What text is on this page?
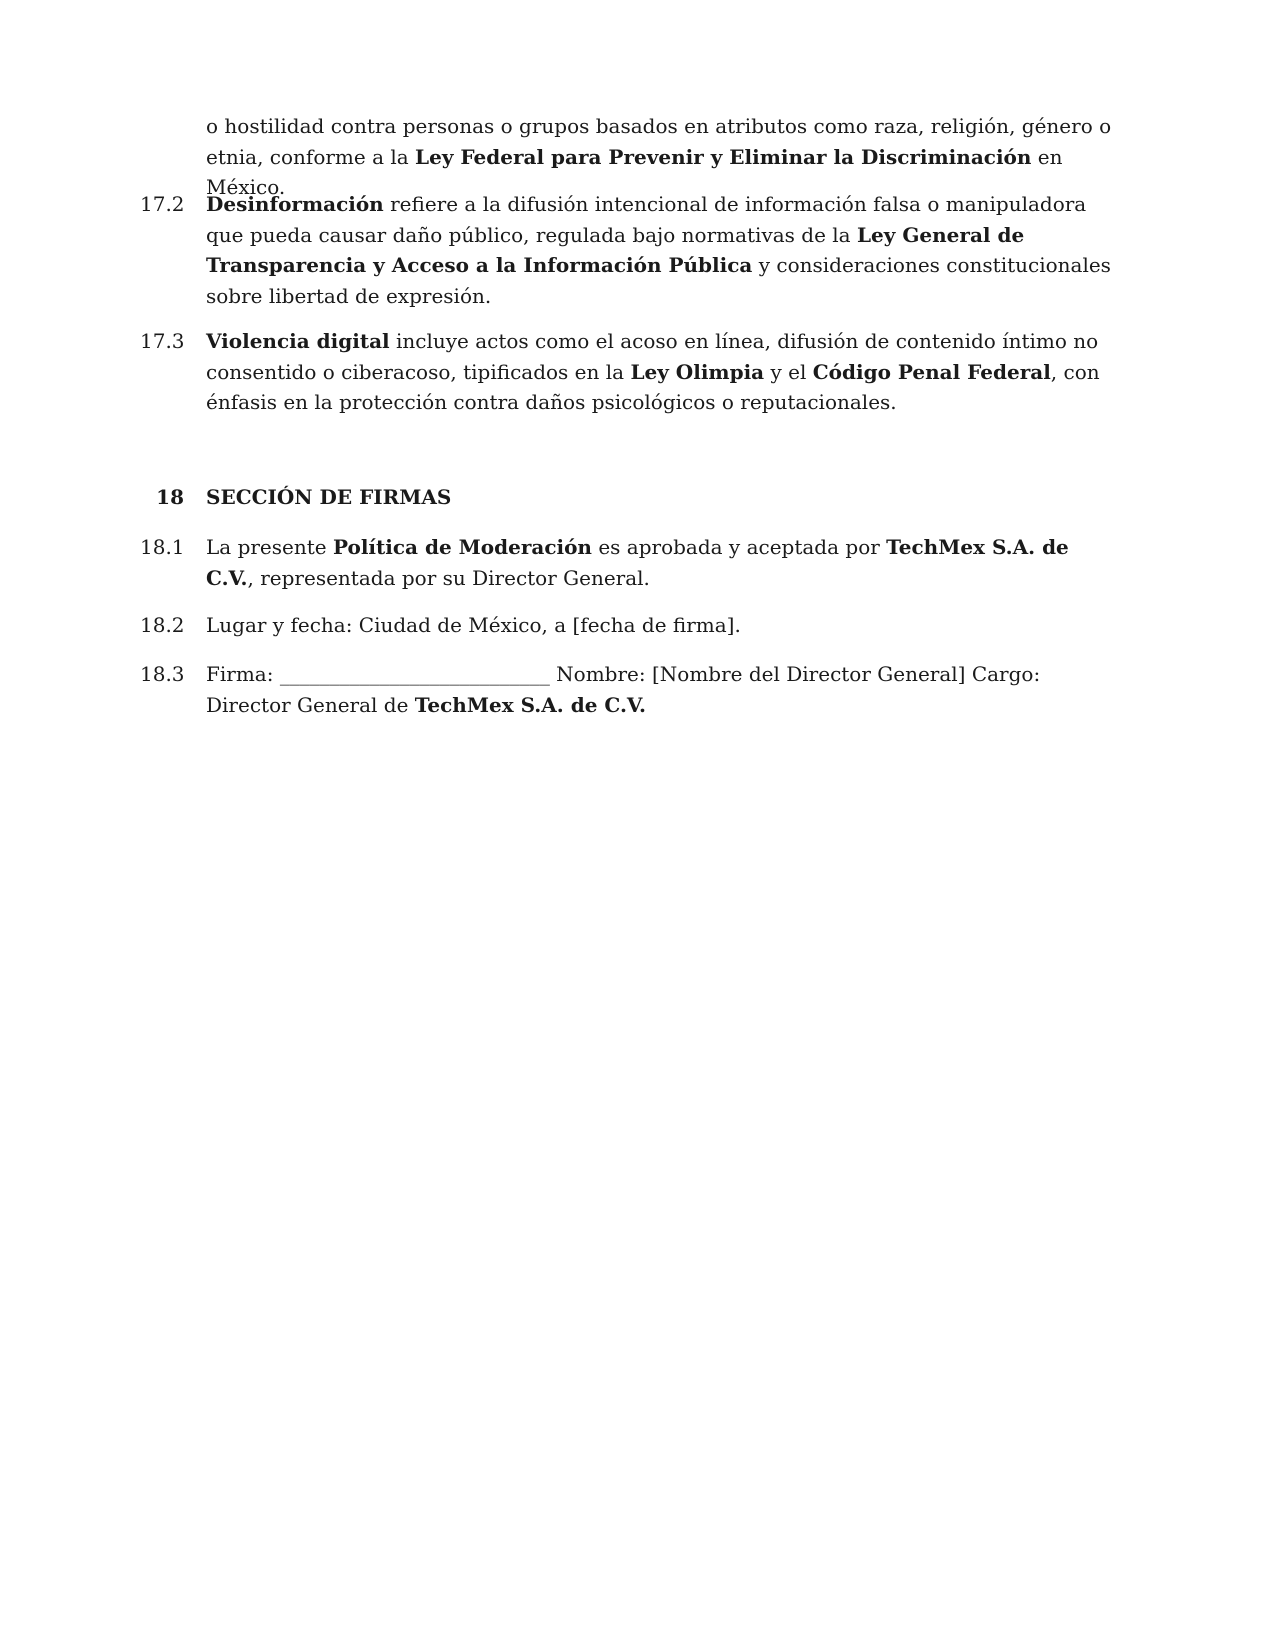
o hostilidad contra personas o grupos basados en atributos como raza, religión, género o etnia, conforme a la Ley Federal para Prevenir y Eliminar la Discriminación en México.
17.2	Desinformación refiere a la difusión intencional de información falsa o manipuladora que pueda causar daño público, regulada bajo normativas de la Ley General de Transparencia y Acceso a la Información Pública y consideraciones constitucionales sobre libertad de expresión.
17.3	Violencia digital incluye actos como el acoso en línea, difusión de contenido íntimo no consentido o ciberacoso, tipificados en la Ley Olimpia y el Código Penal Federal, con énfasis en la protección contra daños psicológicos o reputacionales.
18 SECCIÓN DE FIRMAS
18.1	La presente Política de Moderación es aprobada y aceptada por TechMex S.A. de C.V., representada por su Director General.
18.2	Lugar y fecha: Ciudad de México, a [fecha de firma].
18.3	Firma: ___________________________ Nombre: [Nombre del Director General] Cargo: Director General de TechMex S.A. de C.V.
